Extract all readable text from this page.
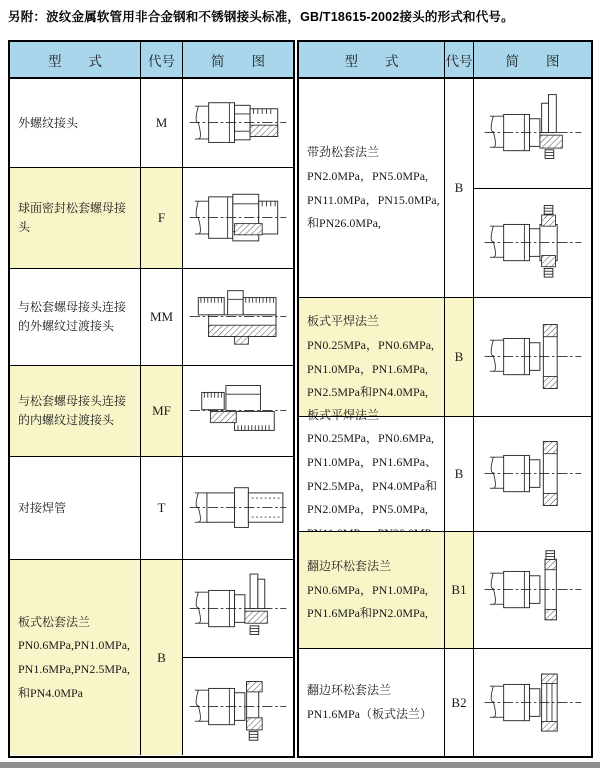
另附：波纹金属软管用非合金钢和不锈钢接头标准，GB/T18615-2002接头的形式和代号。
型　　式	代号	简　　图
外螺纹接头	M
球面密封松套螺母接头
F
与松套螺母接头连接的外螺纹过渡接头
MM
与松套螺母接头连接的内螺纹过渡接头
MF
对接焊管	T
板式松套法兰
PN0.6MPa,PN1.0MPa,
PN1.6MPa,PN2.5MPa,
和PN4.0MPa
B
型　　式	代号	简　　图
带劲松套法兰
PN2.0MPa，PN5.0MPa,
PN11.0MPa，PN15.0MPa,
和PN26.0MPa,
B
板式平焊法兰
PN0.25MPa，PN0.6MPa,
PN1.0MPa，PN1.6MPa,
PN2.5MPa和PN4.0MPa,
B
板式平焊法兰
PN0.25MPa，PN0.6MPa,
PN1.0MPa，PN1.6MPa、
PN2.5MPa，PN4.0MPa和
PN2.0MPa，PN5.0MPa,
B
翻边环松套法兰
PN0.6MPa，PN1.0MPa,
PN1.6MPa和PN2.0MPa,
B1
翻边环松套法兰
PN1.6MPa（板式法兰）
B2
